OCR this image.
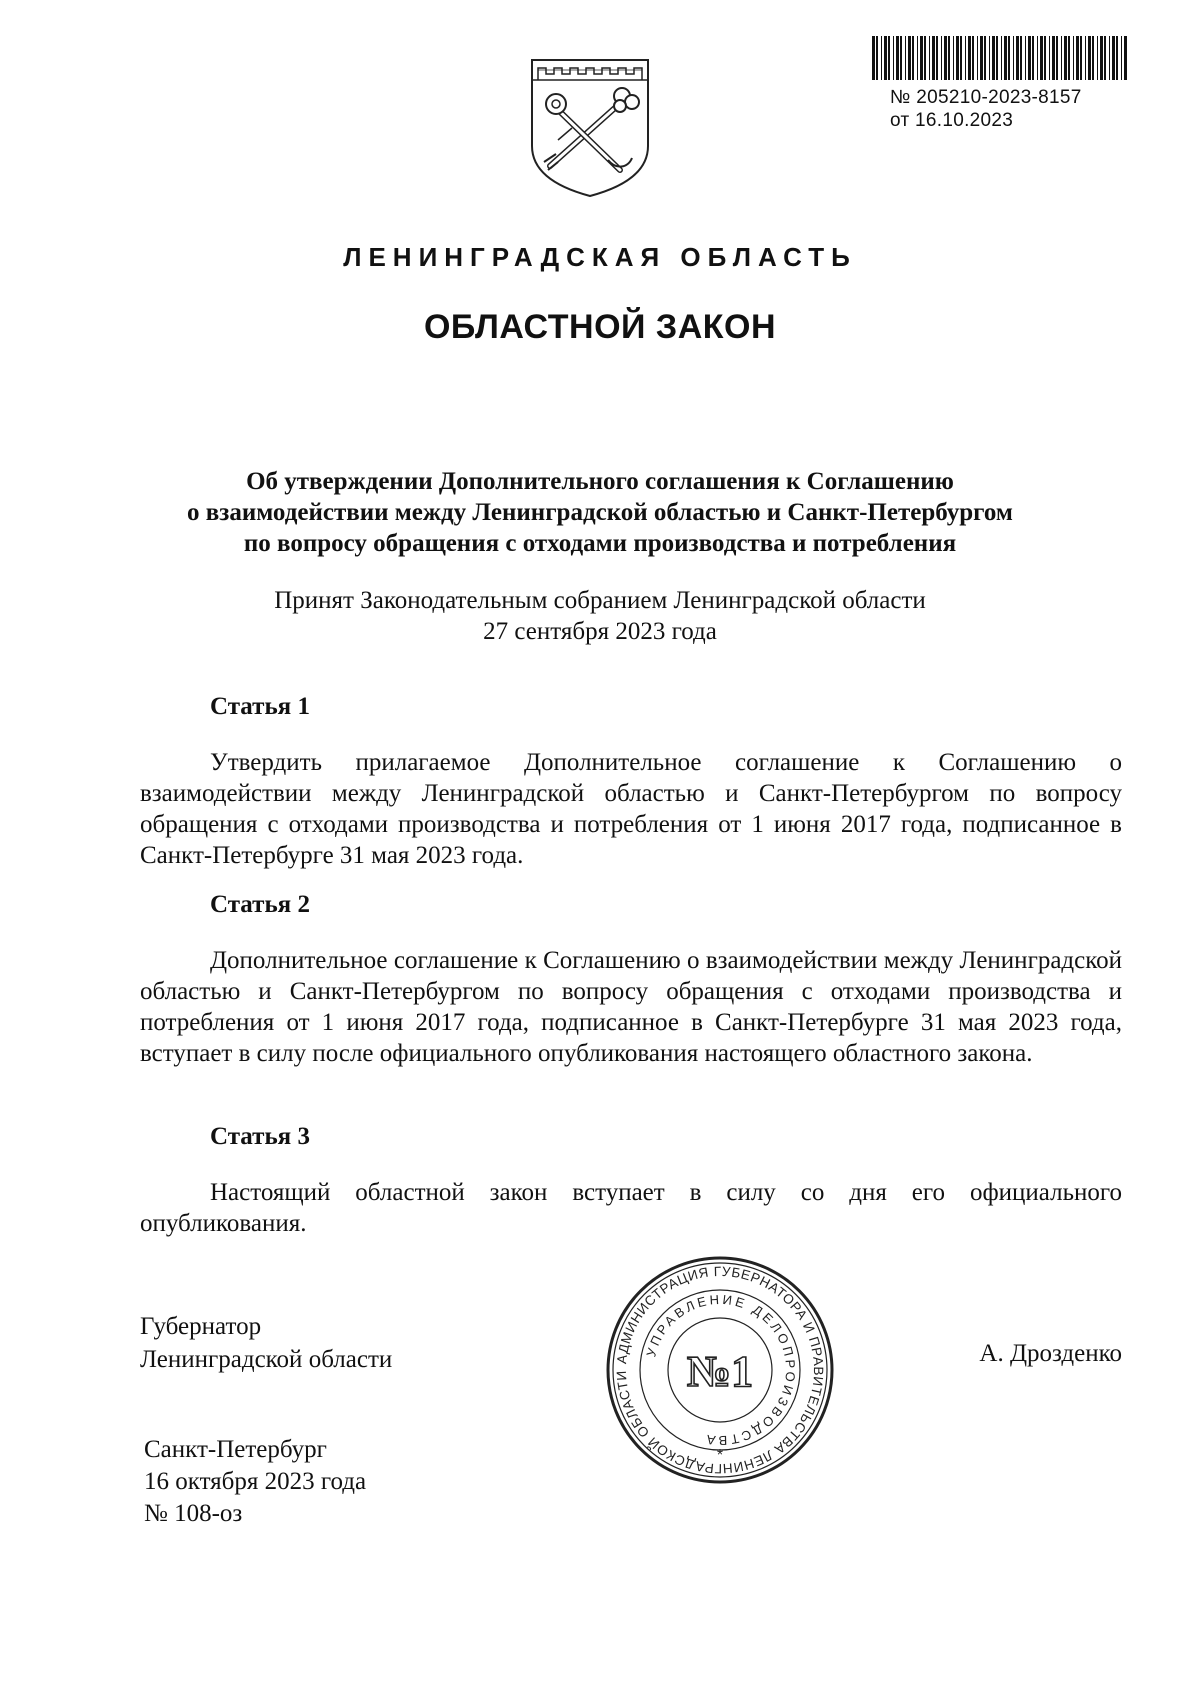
№ 205210-2023-8157
от 16.10.2023
ЛЕНИНГРАДСКАЯ ОБЛАСТЬ
ОБЛАСТНОЙ ЗАКОН
Об утверждении Дополнительного соглашения к Соглашению
о взаимодействии между Ленинградской областью и Санкт-Петербургом
по вопросу обращения с отходами производства и потребления
Принят Законодательным собранием Ленинградской области
27 сентября 2023 года
Статья 1

Утвердить прилагаемое Дополнительное соглашение к Соглашению о взаимодействии между Ленинградской областью и Санкт-Петербургом по вопросу обращения с отходами производства и потребления от 1 июня 2017 года, подписанное в Санкт-Петербурге 31 мая 2023 года.

Статья 2

Дополнительное соглашение к Соглашению о взаимодействии между Ленинградской областью и Санкт-Петербургом по вопросу обращения с отходами производства и потребления от 1 июня 2017 года, подписанное в Санкт-Петербурге 31 мая 2023 года, вступает в силу после официального опубликования настоящего областного закона.

Статья 3

Настоящий областной закон вступает в силу со дня его официального опубликования.

Губернатор
Ленинградской области	АДМИНИСТРАЦИЯ ГУБЕРНАТОРА И ПРАВИТЕЛЬСТВА ЛЕНИНГРАДСКОЙ ОБЛАСТИ
УПРАВЛЕНИЕ ДЕЛОПРОИЗВОДСТВА
№1
*
А. Дрозденко
Санкт-Петербург
16 октября 2023 года
№ 108-оз
